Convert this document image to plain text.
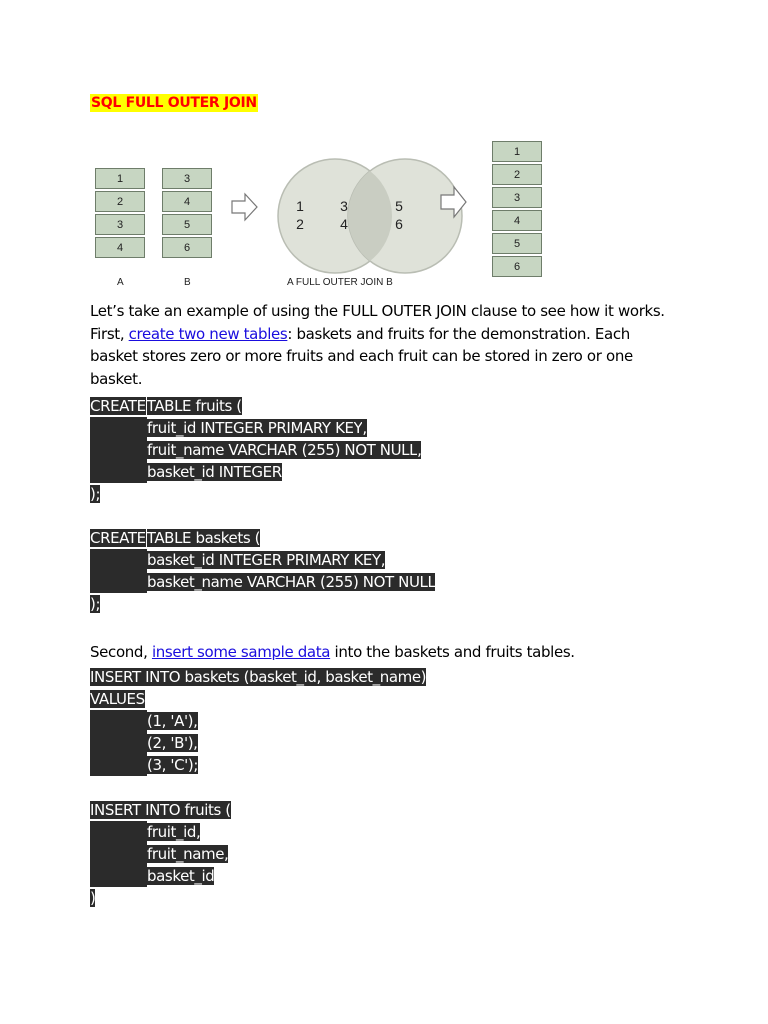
SQL FULL OUTER JOIN
1
2
3
4
A
3
4
5
6
B
1
2
3
4
5
6
A FULL OUTER JOIN B
1
2
3
4
5
6
Let’s take an example of using the FULL OUTER JOIN clause to see how it works.
First, create two new tables: baskets and fruits for the demonstration. Each
basket stores zero or more fruits and each fruit can be stored in zero or one
basket.
CREATETABLE fruits (
fruit_id INTEGER PRIMARY KEY,
fruit_name VARCHAR (255) NOT NULL,
basket_id INTEGER
);
CREATETABLE baskets (
basket_id INTEGER PRIMARY KEY,
basket_name VARCHAR (255) NOT NULL
);
Second, insert some sample data into the baskets and fruits tables.
INSERT INTO baskets (basket_id, basket_name)
VALUES
(1, 'A'),
(2, 'B'),
(3, 'C');
INSERT INTO fruits (
fruit_id,
fruit_name,
basket_id
)
